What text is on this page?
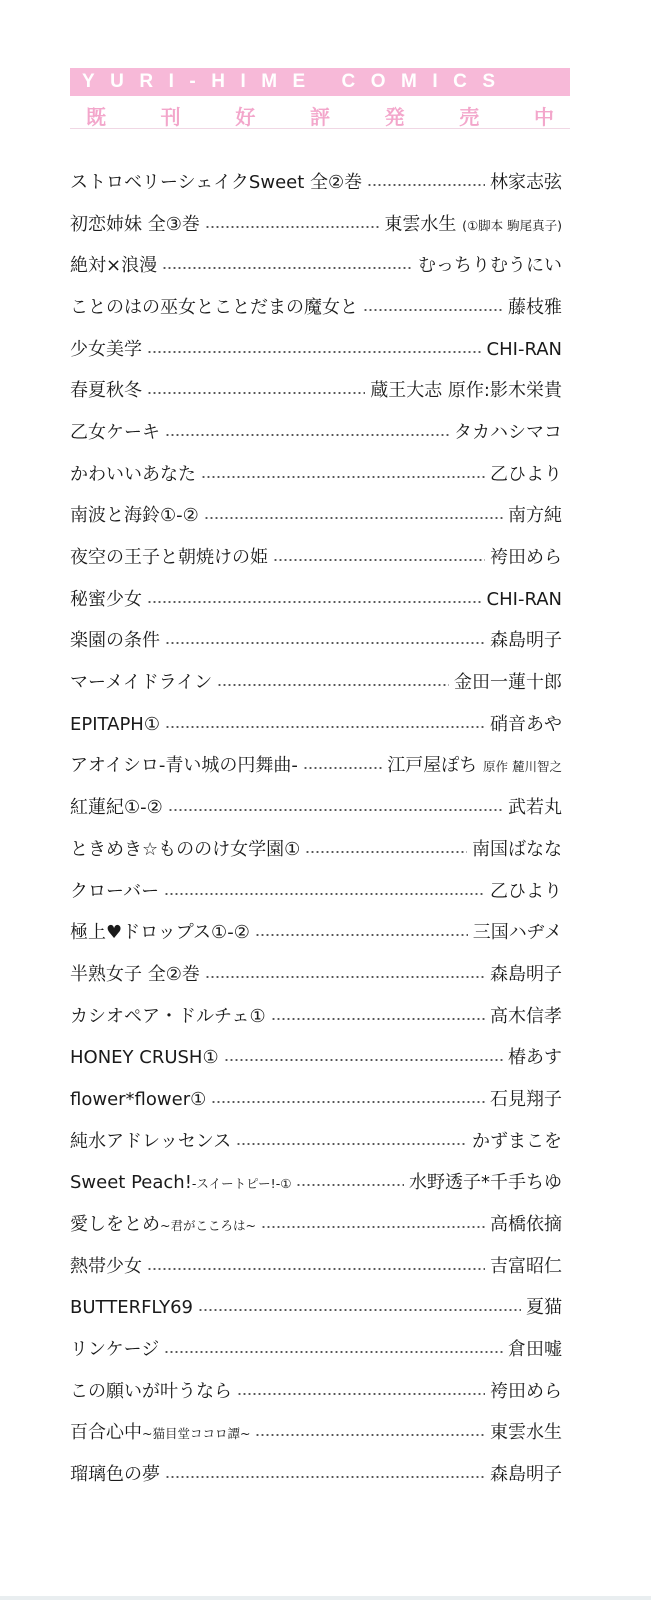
YURI-HIME COMICS
既	刊	好	評	発	売	中
ストロベリーシェイクSweet 全②巻	林家志弦
初恋姉妹 全③巻	東雲水生 (①脚本 駒尾真子)
絶対×浪漫	むっちりむうにい
ことのはの巫女とことだまの魔女と	藤枝雅
少女美学	CHI-RAN
春夏秋冬	蔵王大志 原作:影木栄貴
乙女ケーキ	タカハシマコ
かわいいあなた	乙ひより
南波と海鈴①-②	南方純
夜空の王子と朝焼けの姫	袴田めら
秘蜜少女	CHI-RAN
楽園の条件	森島明子
マーメイドライン	金田一蓮十郎
EPITAPH①	硝音あや
アオイシロ-青い城の円舞曲-	江戸屋ぽち 原作 麓川智之
紅蓮紀①-②	武若丸
ときめき☆もののけ女学園①	南国ばなな
クローバー	乙ひより
極上♥ドロップス①-②	三国ハヂメ
半熟女子 全②巻	森島明子
カシオペア・ドルチェ①	高木信孝
HONEY CRUSH①	椿あす
flower*flower①	石見翔子
純水アドレッセンス	かずまこを
Sweet Peach!-スイートピー!-①	水野透子*千手ちゆ
愛しをとめ~君がこころは~	高橋依摘
熱帯少女	吉富昭仁
BUTTERFLY69	夏猫
リンケージ	倉田嘘
この願いが叶うなら	袴田めら
百合心中~猫目堂ココロ譚~	東雲水生
瑠璃色の夢	森島明子
